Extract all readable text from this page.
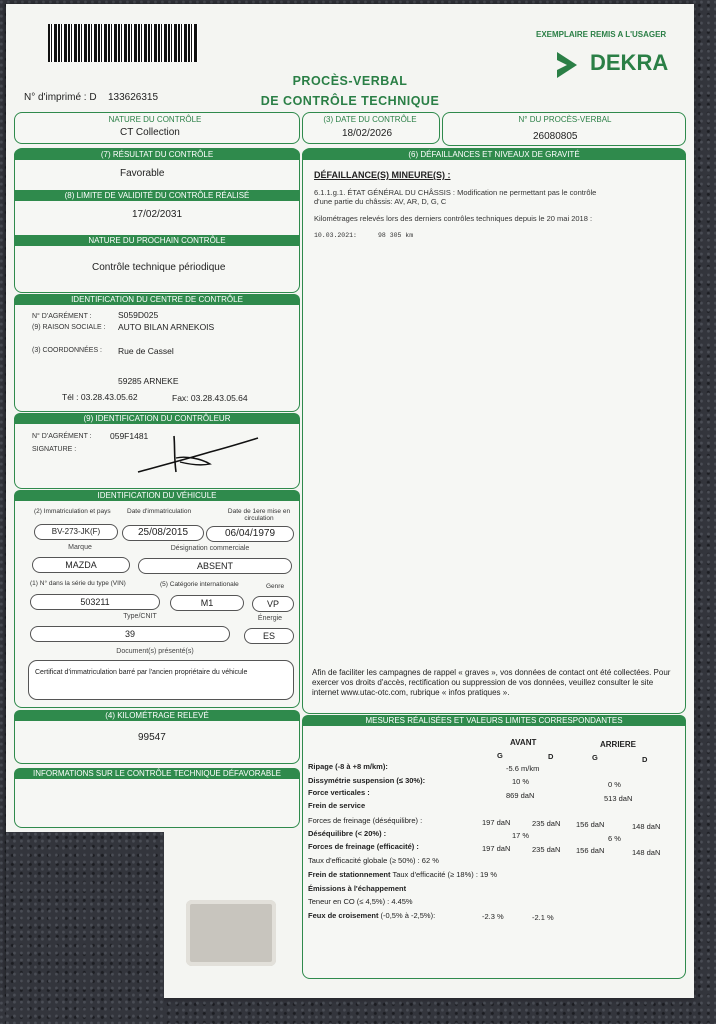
EXEMPLAIRE REMIS A L'USAGER
DEKRA
PROCÈS-VERBAL
DE CONTRÔLE TECHNIQUE
N° d'imprimé : D 133626315
NATURE DU CONTRÔLE
CT Collection
(3) DATE DU CONTRÔLE
18/02/2026
N° DU PROCÈS-VERBAL
26080805
(7) RÉSULTAT DU CONTRÔLE
Favorable
(8) LIMITE DE VALIDITÉ DU CONTRÔLE RÉALISÉ
17/02/2031
NATURE DU PROCHAIN CONTRÔLE
Contrôle technique périodique
IDENTIFICATION DU CENTRE DE CONTRÔLE
N° D'AGRÉMENT :	S059D025
(9) RAISON SOCIALE : AUTO BILAN ARNEKOIS
(3) COORDONNÉES : Rue de Cassel
59285 ARNEKE
Tél : 03.28.43.05.62	Fax: 03.28.43.05.64
(9) IDENTIFICATION DU CONTRÔLEUR
N° D'AGRÉMENT : 059F1481
SIGNATURE :
IDENTIFICATION DU VÉHICULE
(2) Immatriculation et pays	Date d'immatriculation	Date de 1ere mise en circulation
BV-273-JK(F)	25/08/2015	06/04/1979
Marque	Désignation commerciale
MAZDA	ABSENT
(1) N° dans la série du type (VIN)	(5) Catégorie internationale	Genre
503211	M1	VP
Type/CNIT	Énergie
39	ES
Document(s) présenté(s)
Certificat d'immatriculation barré par l'ancien propriétaire du véhicule
(4) KILOMÉTRAGE RELEVÉ
99547
INFORMATIONS SUR LE CONTRÔLE TECHNIQUE DÉFAVORABLE
(6) DÉFAILLANCES ET NIVEAUX DE GRAVITÉ
DÉFAILLANCE(S) MINEURE(S) :
6.1.1.g.1. ÉTAT GÉNÉRAL DU CHÂSSIS : Modification ne permettant pas le contrôle
d'une partie du châssis: AV, AR, D, G, C
Kilométrages relevés lors des derniers contrôles techniques depuis le 20 mai 2018 :
10.03.2021:	98 305 km
Afin de faciliter les campagnes de rappel « graves », vos données de contact ont été collectées. Pour exercer vos droits d'accès, rectification ou suppression de vos données, veuillez consulter le site internet www.utac-otc.com, rubrique « infos pratiques ».
MESURES RÉALISÉES ET VALEURS LIMITES CORRESPONDANTES
AVANT	ARRIERE
G	D	G	D
Ripage (-8 à +8 m/km):	-5.6 m/km
Dissymétrie suspension (≤ 30%):	10 %	0 %
Force verticales :	869 daN	513 daN
Frein de service
Forces de freinage (déséquilibre) :	197 daN	235 daN 156 daN	148 daN
Déséquilibre (< 20%) :	17 %	6 %
Forces de freinage (efficacité) :	197 daN	235 daN 156 daN	148 daN
Taux d'efficacité globale (≥ 50%) : 62 %
Frein de stationnement Taux d'efficacité (≥ 18%) : 19 %
Émissions à l'échappement
Teneur en CO (≤ 4,5%) : 4.45%
Feux de croisement (-0,5% à -2,5%):	-2.3 %	-2.1 %
